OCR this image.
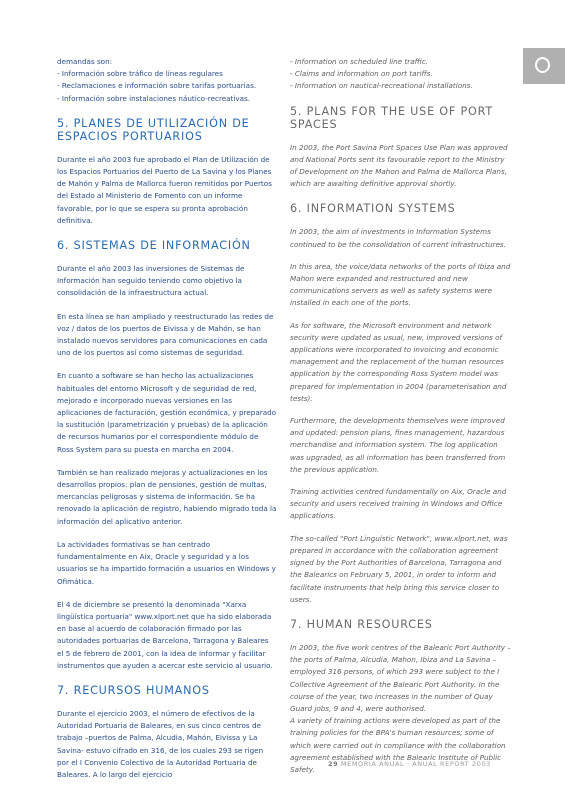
demandas son:
- Información sobre tráfico de líneas regulares
- Reclamaciones e información sobre tarifas portuarias.
- Información sobre instalaciones náutico-recreativas.

5. PLANES DE UTILIZACIÓN DE ESPACIOS PORTUARIOS

Durante el año 2003 fue aprobado el Plan de Utilización de los Espacios Portuarios del Puerto de La Savina y los Planes de Mahón y Palma de Mallorca fueron remitidos por Puertos del Estado al Ministerio de Fomento con un informe favorable, por lo que se espera su pronta aprobación definitiva.

6. SISTEMAS DE INFORMACIÓN

Durante el año 2003 las inversiones de Sistemas de Información han seguido teniendo como objetivo la consolidación de la infraestructura actual.

En esta línea se han ampliado y reestructurado las redes de voz / datos de los puertos de Eivissa y de Mahón, se han instalado nuevos servidores para comunicaciones en cada uno de los puertos así como sistemas de seguridad.

En cuanto a software se han hecho las actualizaciones habituales del entorno Microsoft y de seguridad de red, mejorado e incorporado nuevas versiones en las aplicaciones de facturación, gestión económica, y preparado la sustitución (parametrización y pruebas) de la aplicación de recursos humanos por el correspondiente módulo de Ross System para su puesta en marcha en 2004.

También se han realizado mejoras y actualizaciones en los desarrollos propios: plan de pensiones, gestión de multas, mercancías peligrosas y sistema de información. Se ha renovado la aplicación de registro, habiendo migrado toda la información del aplicativo anterior.

La actividades formativas se han centrado fundamentalmente en Aix, Oracle y seguridad y a los usuarios se ha impartido formación a usuarios en Windows y Ofimática.

El 4 de diciembre se presentó la denominada "Xarxa lingüística portuaria" www.xlport.net que ha sido elaborada en base al acuerdo de colaboración firmado por las autoridades portuarias de Barcelona, Tarragona y Baleares el 5 de febrero de 2001, con la idea de informar y facilitar instrumentos que ayuden a acercar este servicio al usuario.

7. RECURSOS HUMANOS

Durante el ejercicio 2003, el número de efectivos de la Autoridad Portuaria de Baleares, en sus cinco centros de trabajo –puertos de Palma, Alcudia, Mahón, Eivissa y La Savina- estuvo cifrado en 316, de los cuales 293 se rigen por el I Convenio Colectivo de la Autoridad Portuaria de Baleares. A lo largo del ejercicio

- Information on scheduled line traffic.
- Claims and information on port tariffs.
- Information on nautical-recreational installations.

5. PLANS FOR THE USE OF PORT SPACES

In 2003, the Port Savina Port Spaces Use Plan was approved and National Ports sent its favourable report to the Ministry of Development on the Mahon and Palma de Mallorca Plans, which are awaiting definitive approval shortly.

6. INFORMATION SYSTEMS

In 2003, the aim of investments in Information Systems continued to be the consolidation of current infrastructures.

In this area, the voice/data networks of the ports of Ibiza and Mahon were expanded and restructured and new communications servers as well as safety systems were installed in each one of the ports.

As for software, the Microsoft environment and network security were updated as usual, new, improved versions of applications were incorporated to invoicing and economic management and the replacement of the human resources application by the corresponding Ross System model was prepared for implementation in 2004 (parameterisation and tests).

Furthermore, the developments themselves were improved and updated: pension plans, fines management, hazardous merchandise and information system. The log application was upgraded, as all information has been transferred from the previous application.

Training activities centred fundamentally on Aix, Oracle and security and users received training in Windows and Office applications.

The so-called "Port Linguistic Network", www.xlport.net, was prepared in accordance with the collaboration agreement signed by the Port Authorities of Barcelona, Tarragona and the Balearics on February 5, 2001, in order to inform and facilitate instruments that help bring this service closer to users.

7. HUMAN RESOURCES

In 2003, the five work centres of the Balearic Port Authority – the ports of Palma, Alcudia, Mahon, Ibiza and La Savina – employed 316 persons, of which 293 were subject to the I Collective Agreement of the Balearic Port Authority. In the course of the year, two increases in the number of Quay Guard jobs, 9 and 4, were authorised.
A variety of training actions were developed as part of the training policies for the BPA's human resources; some of which were carried out in compliance with the collaboration agreement established with the Balearic Institute of Public Safety.

29 MEMORIA ANUAL · ANUAL REPORT 2003
